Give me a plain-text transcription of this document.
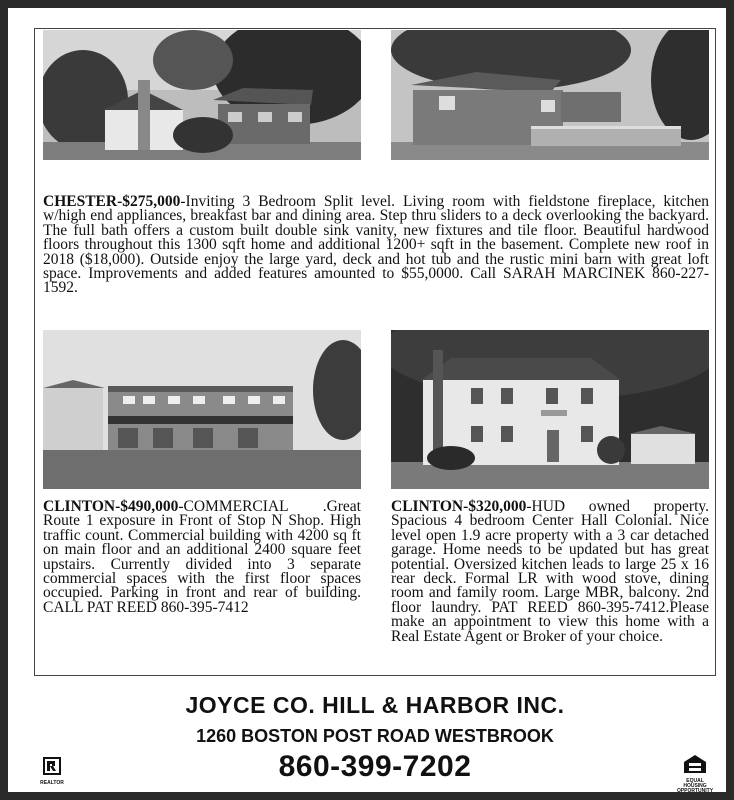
CHESTER-$275,000-Inviting 3 Bedroom Split level. Living room with fieldstone fireplace, kitchen w/high end appliances, breakfast bar and dining area. Step thru sliders to a deck overlooking the backyard. The full bath offers a custom built double sink vanity, new fixtures and tile floor. Beautiful hardwood floors throughout this 1300 sqft home and additional 1200+ sqft in the basement. Complete new roof in 2018 ($18,000). Outside enjoy the large yard, deck and hot tub and the rustic mini barn with great loft space. Improvements and added features amounted to $55,0000. Call SARAH MARCINEK 860-227-1592.
CLINTON-$490,000-COMMERCIAL .Great Route 1 exposure in Front of Stop N Shop. High traffic count. Commercial building with 4200 sq ft on main floor and an additional 2400 square feet upstairs. Currently divided into 3 separate commercial spaces with the first floor spaces occupied. Parking in front and rear of building. CALL PAT REED 860-395-7412
CLINTON-$320,000-HUD owned property. Spacious 4 bedroom Center Hall Colonial. Nice level open 1.9 acre property with a 3 car detached garage. Home needs to be updated but has great potential. Oversized kitchen leads to large 25 x 16 rear deck. Formal LR with wood stove, dining room and family room. Large MBR, balcony. 2nd floor laundry. PAT REED 860-395-7412.Please make an appointment to view this home with a Real Estate Agent or Broker of your choice.
JOYCE CO. HILL & HARBOR INC.
1260 BOSTON POST ROAD WESTBROOK
860-399-7202
REALTOR	EQUAL HOUSING OPPORTUNITY
